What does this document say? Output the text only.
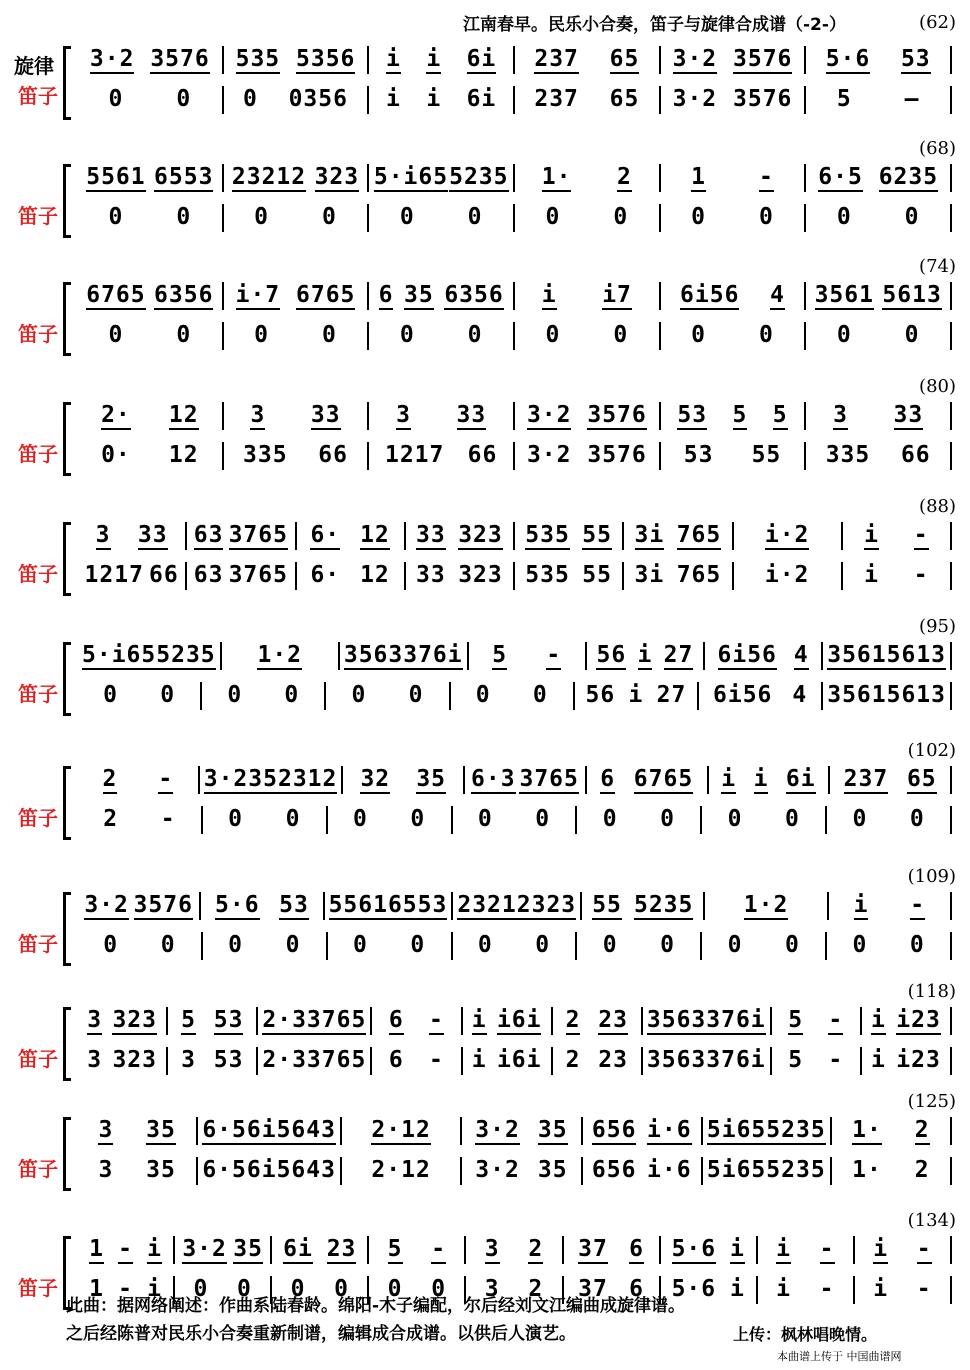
江南春早。民乐小合奏，笛子与旋律合成谱（-2-）	(62)
旋律
笛子
3·2 3576 535 5356 i i 6i 237 65 3·2 3576 5·6 53
0 0 0 0356 i i 6i 237 65 3·2 3576 5 —
(68)
笛子
5561 6553 23212 323 5·i65 5235 1· 2	1 - 6·5 6235
0 0	0 0	0 0	0 0	0 0	0 0
(74)
笛子
6765 6356 i·7 6765 6 35 6356 i i7 6i56 4 3561 5613
0 0	0 0	0 0	0 0	0 0	0 0
(80)
笛子
2· 12 3 33 3 33 3·2 3576 53 5 5 3 33
0· 12 335 66 1217 66 3·2 3576 53 55 335 66
(88)
笛子
3 33 63 3765 6· 12 33 323 535 55 3i 765 i·2 i -
1217 66 63 3765 6· 12 33 323 535 55 3i 765 i·2 i -
(95)
笛子
5·i65 5235 1·2 3563 376i 5 - 56 i 27 6i56 4 3561 5613
0 0 0 0 0 0 0 0 56 i 27 6i56 4 3561 5613
(102)
笛子
2 - 3·235 2312 32 35 6·3 3765 6 6765 i i 6i 237 65
2 - 0 0 0 0 0 0 0 0 0 0 0 0
(109)
笛子
3·2 3576 5·6 53 5561 6553 23212 323 55 5235 1·2	i -
0 0 0 0 0 0 0 0 0 0 0 0 0 0
(118)
笛子
3 323 5 53 2·3 3765 6 - i i6i 2 23 3563 376i 5 - i i23
3 323 3 53 2·3 3765 6 - i i6i 2 23 3563 376i 5 - i i23
(125)
笛子
3 35 6·56i 5643 2·12 3·2 35 656 i·6 5i65 5235 1· 2
3 35 6·56i 5643 2·12 3·2 35 656 i·6 5i65 5235 1· 2
(134)
笛子
1 - i 3·2 35 6i 23 5 - 3 2 37 6 5·6 i i - i -
1 - i 0 0 0 0 0 0 3 2 37 6 5·6 i i - i -
此曲：据网络阐述：作曲系陆春龄。绵阳-木子编配，尔后经刘文江编曲成旋律谱。
之后经陈普对民乐小合奏重新制谱，编辑成合成谱。以供后人演艺。	上传：枫林唱晚情。
本曲谱上传于 中国曲谱网
